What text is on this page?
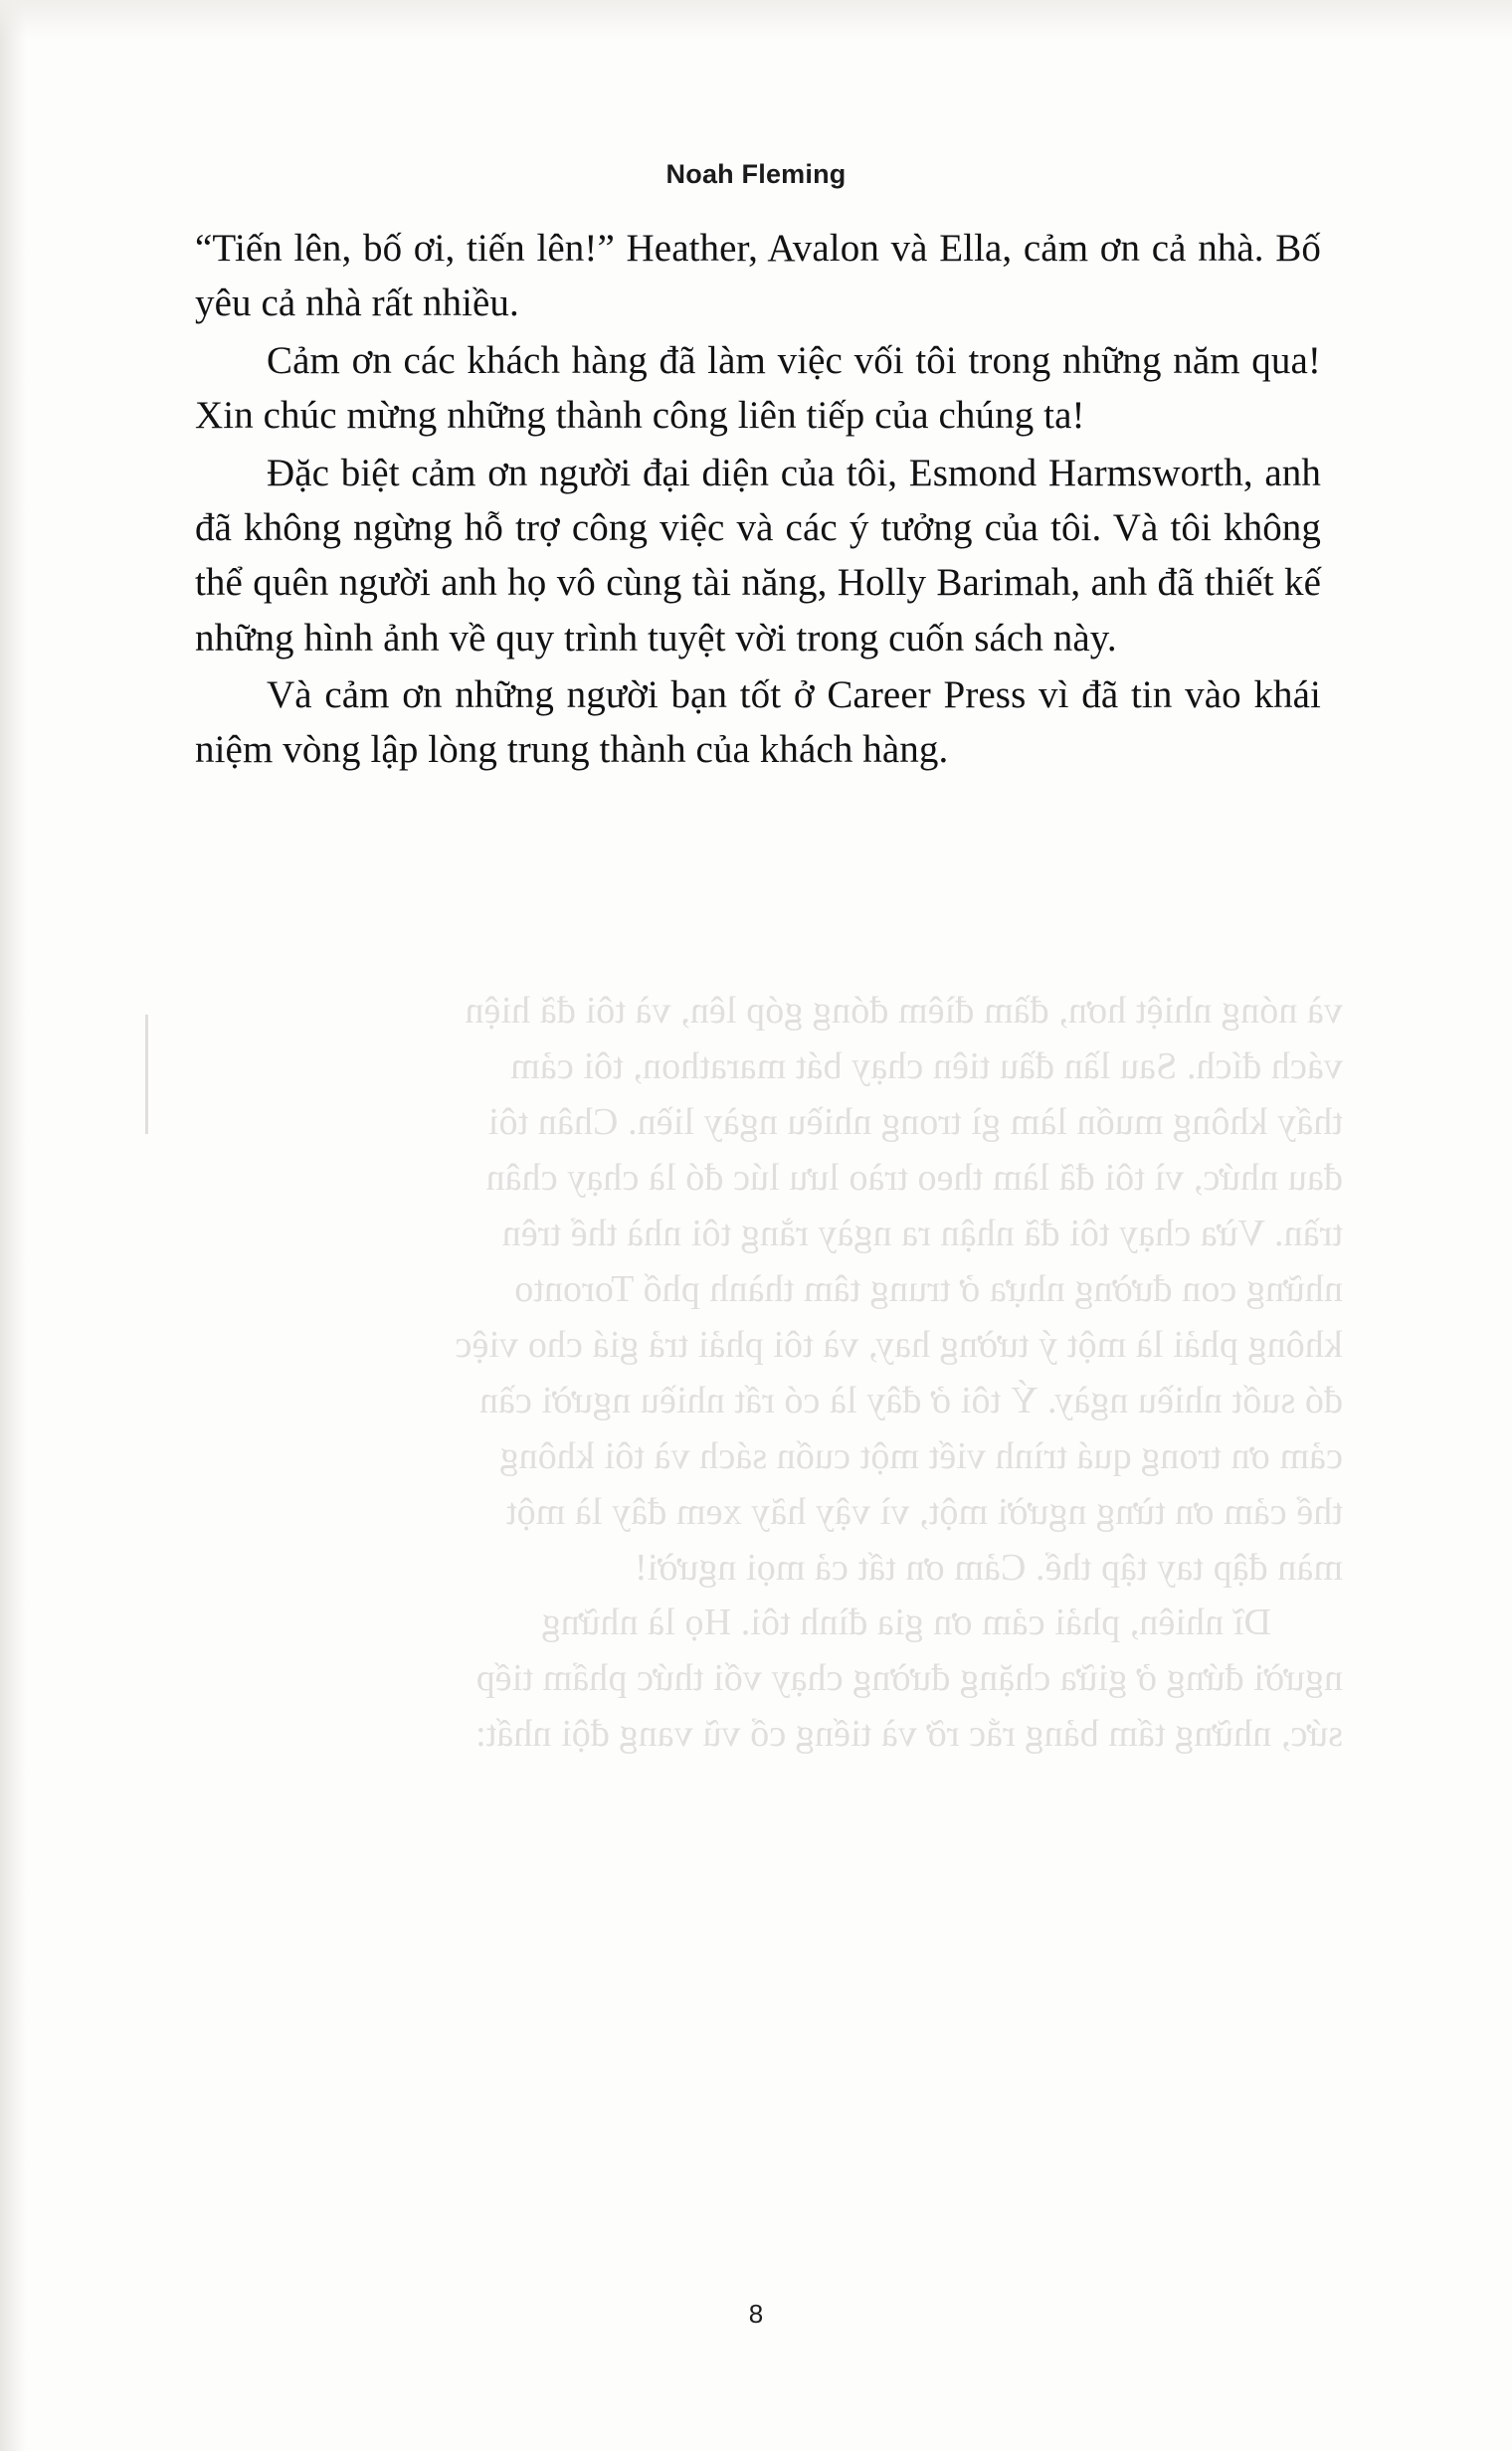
Noah Fleming

“Tiến lên, bố ơi, tiến lên!” Heather, Avalon và Ella, cảm ơn cả nhà. Bố yêu cả nhà rất nhiều.

Cảm ơn các khách hàng đã làm việc vối tôi trong những năm qua! Xin chúc mừng những thành công liên tiếp của chúng ta!

Đặc biệt cảm ơn người đại diện của tôi, Esmond Harmsworth, anh đã không ngừng hỗ trợ công việc và các ý tưởng của tôi. Và tôi không thể quên người anh họ vô cùng tài năng, Holly Barimah, anh đã thiết kế những hình ảnh về quy trình tuyệt vời trong cuốn sách này.

Và cảm ơn những người bạn tốt ở Career Press vì đã tin vào khái niệm vòng lập lòng trung thành của khách hàng.

và nóng nhiệt hơn, đầm đìêm đóng góp lên, và tôi đã hiện

vách đích. Sau lần đầu tiên chạy bát marathon, tôi cảm

thấy không muốn làm gì trong nhiều ngày liền. Chân tôi

đau nhức, vì tôi đã làm theo trào lưu lúc đó là chạy chân

trần. Vừa chạy tôi đã nhận ra ngày rằng tôi nhà thể trên

những con đường nhựa ở trung tâm thành phố Toronto

không phải là một ý tường hay, và tôi phải trả giá cho việc

đó suốt nhiều ngày. Ý tôi ở đây là có rất nhiều người cần

cảm ơn trong quá trình viết một cuốn sách và tôi không

thể cảm ơn từng người một, vì vậy hãy xem đây là một

màn đập tay tập thể. Cảm ơn tất cả mọi người!

Dĩ nhiên, phải cảm ơn gia đình tôi. Họ là những

người đứng ở giữa chặng đường chạy vối thức phẩm tiếp

sức, những tấm bảng rắc rỡ và tiếng cổ vũ vang đội nhất:

8
